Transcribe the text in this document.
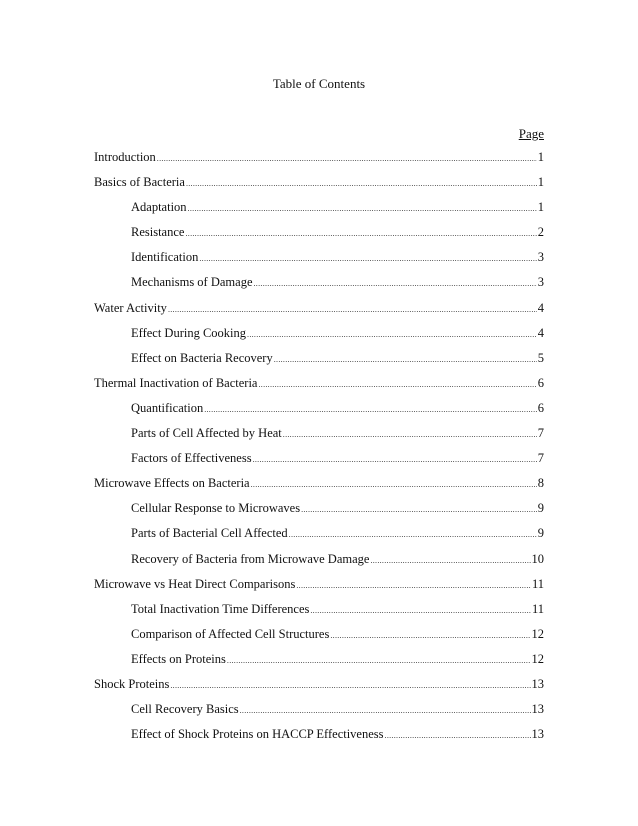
Table of Contents
Page
Introduction .....	1
Basics of Bacteria .....	1
Adaptation .....	1
Resistance .....	2
Identification .....	3
Mechanisms of Damage .....	3
Water Activity .....	4
Effect During Cooking .....	4
Effect on Bacteria Recovery .....	5
Thermal Inactivation of Bacteria .....	6
Quantification .....	6
Parts of Cell Affected by Heat .....	7
Factors of Effectiveness .....	7
Microwave Effects on Bacteria .....	8
Cellular Response to Microwaves .....	9
Parts of Bacterial Cell Affected .....	9
Recovery of Bacteria from Microwave Damage .....	10
Microwave vs Heat Direct Comparisons .....	11
Total Inactivation Time Differences .....	11
Comparison of Affected Cell Structures .....	12
Effects on Proteins .....	12
Shock Proteins .....	13
Cell Recovery Basics .....	13
Effect of Shock Proteins on HACCP Effectiveness .....	13
